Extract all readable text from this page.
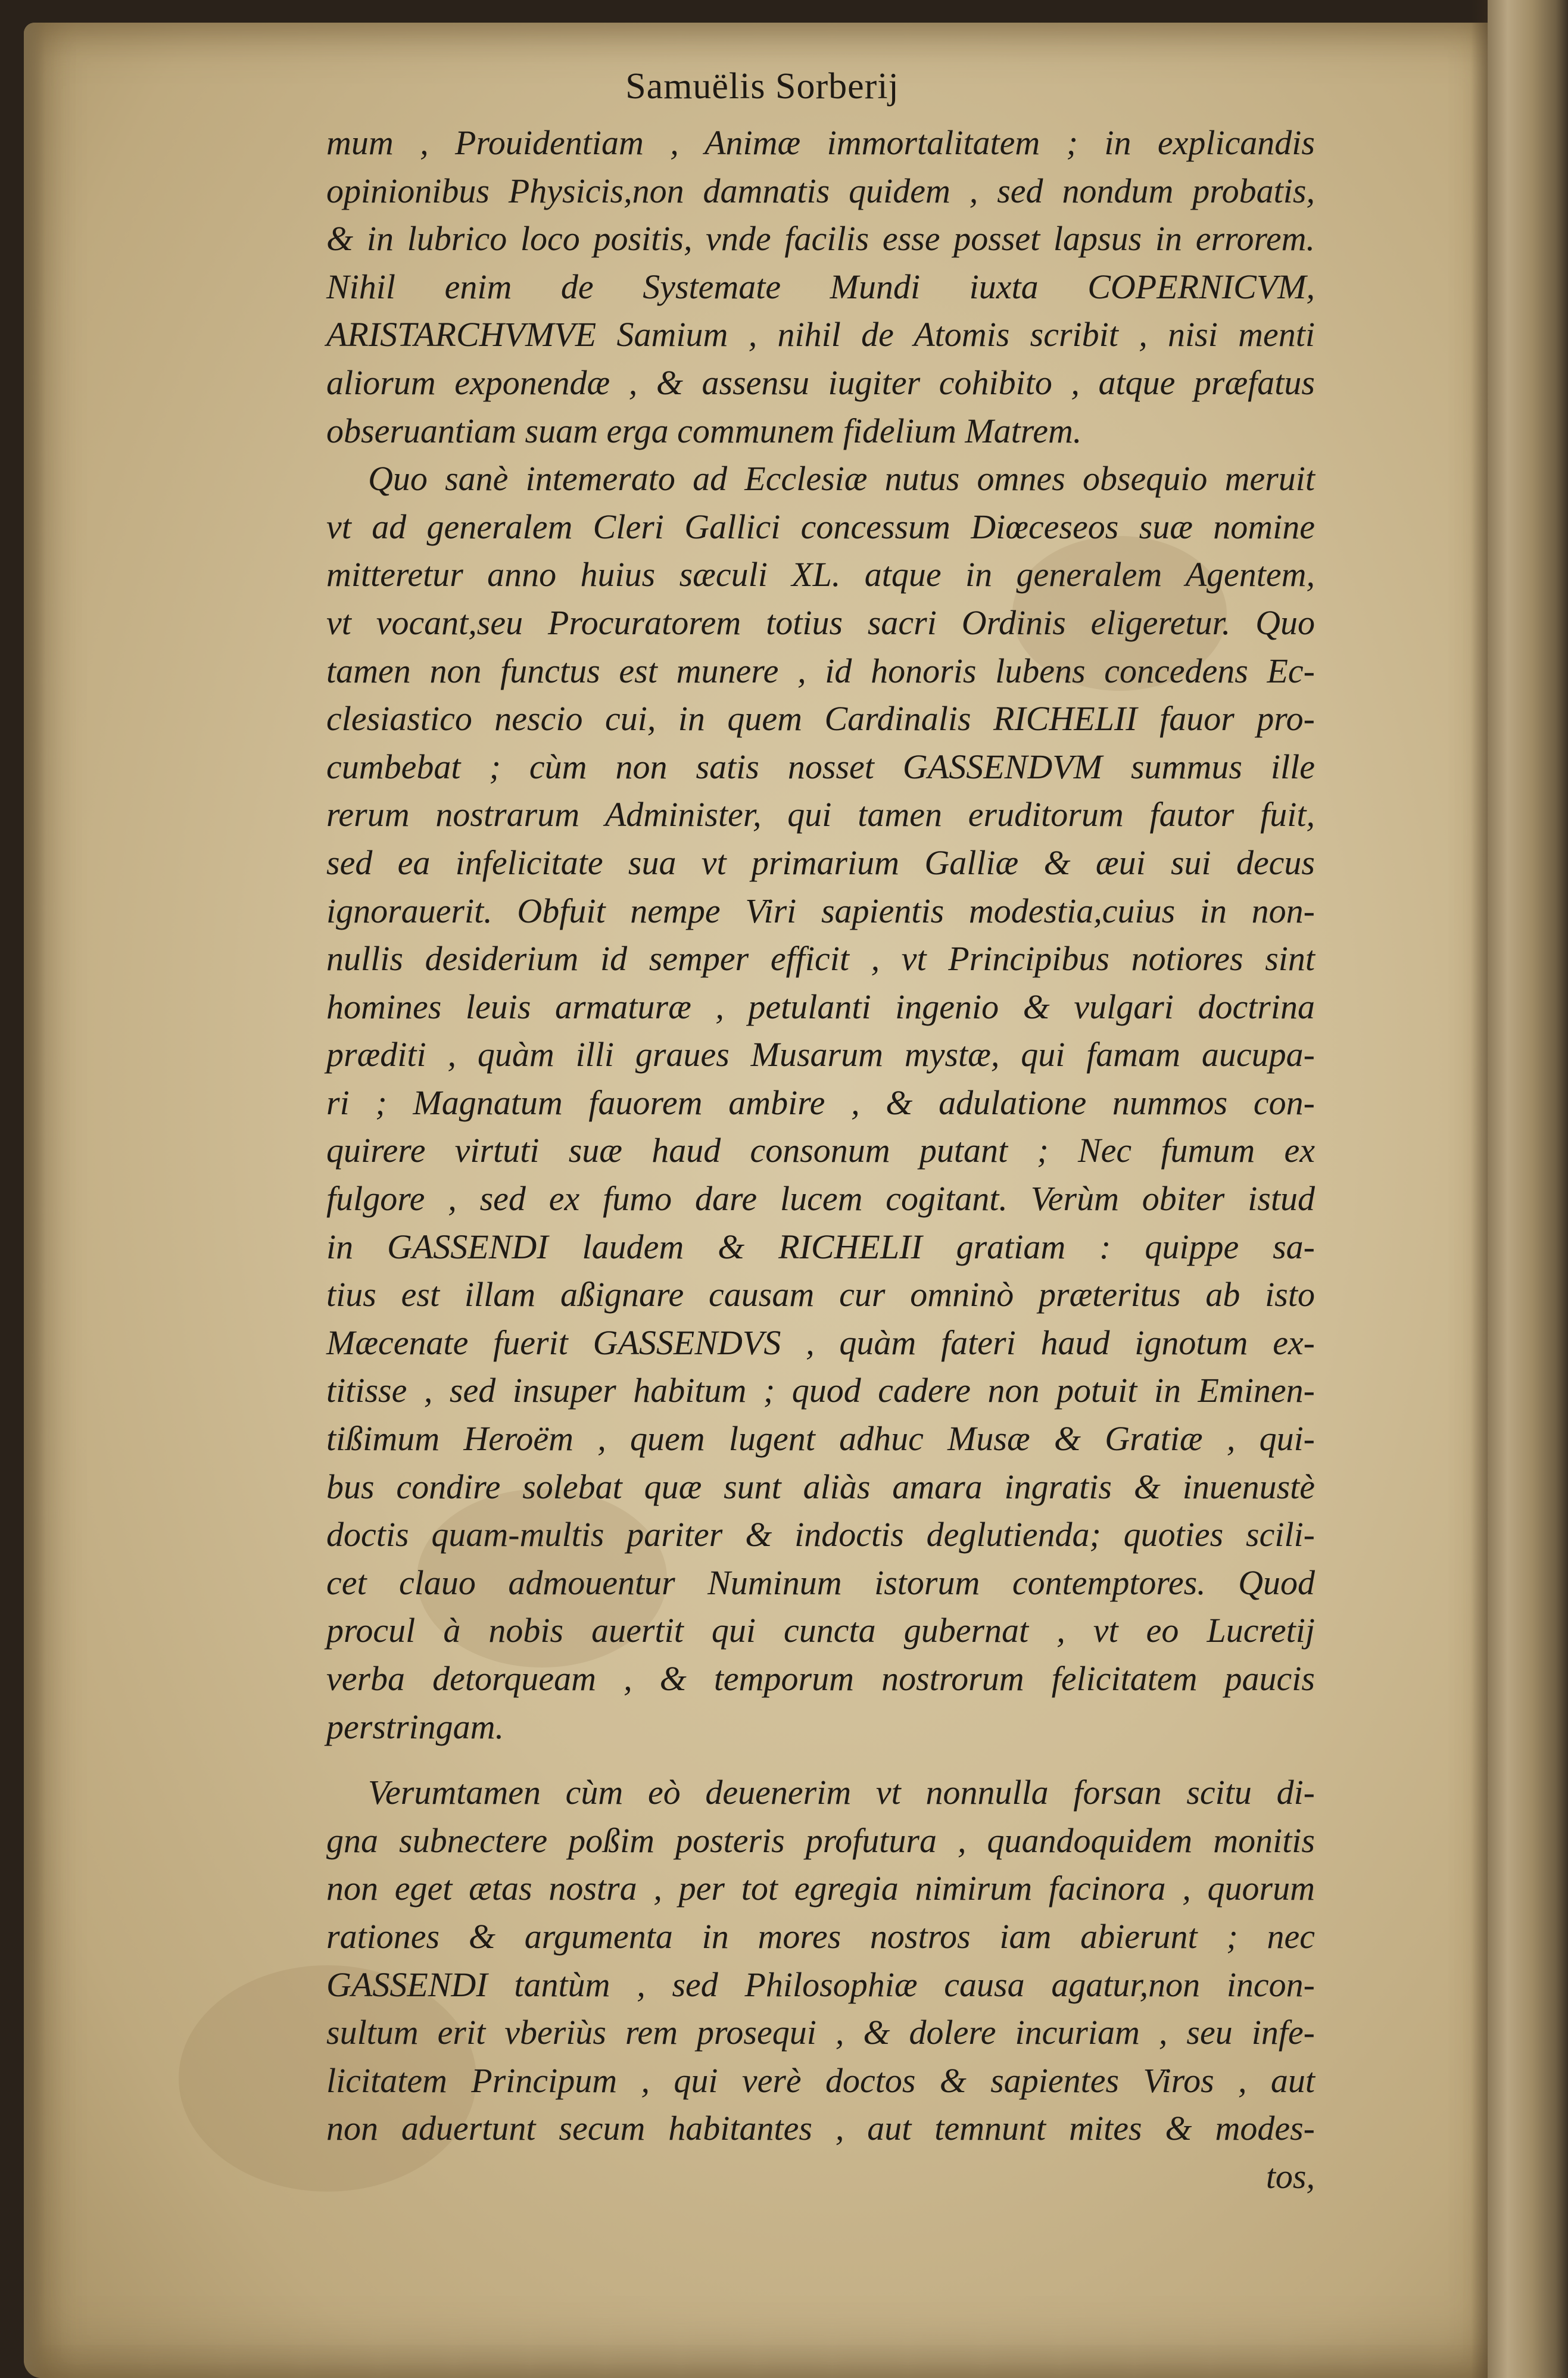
Samuëlis Sorberij
mum , Prouidentiam , Animæ immortalitatem ; in explicandis
opinionibus Physicis,non damnatis quidem , sed nondum probatis,
& in lubrico loco positis, vnde facilis esse posset lapsus in errorem.
Nihil enim de Systemate Mundi iuxta COPERNICVM,
ARISTARCHVMVE Samium , nihil de Atomis scribit , nisi menti
aliorum exponendæ , & assensu iugiter cohibito , atque præfatus
obseruantiam suam erga communem fidelium Matrem.
Quo sanè intemerato ad Ecclesiæ nutus omnes obsequio meruit
vt ad generalem Cleri Gallici concessum Diœceseos suæ nomine
mitteretur anno huius sæculi XL. atque in generalem Agentem,
vt vocant,seu Procuratorem totius sacri Ordinis eligeretur. Quo
tamen non functus est munere , id honoris lubens concedens Ec-
clesiastico nescio cui, in quem Cardinalis RICHELII fauor pro-
cumbebat ; cùm non satis nosset GASSENDVM summus ille
rerum nostrarum Administer, qui tamen eruditorum fautor fuit,
sed ea infelicitate sua vt primarium Galliæ & æui sui decus
ignorauerit. Obfuit nempe Viri sapientis modestia,cuius in non-
nullis desiderium id semper efficit , vt Principibus notiores sint
homines leuis armaturæ , petulanti ingenio & vulgari doctrina
præditi , quàm illi graues Musarum mystæ, qui famam aucupa-
ri ; Magnatum fauorem ambire , & adulatione nummos con-
quirere virtuti suæ haud consonum putant ; Nec fumum ex
fulgore , sed ex fumo dare lucem cogitant. Verùm obiter istud
in GASSENDI laudem & RICHELII gratiam : quippe sa-
tius est illam aßignare causam cur omninò præteritus ab isto
Mæcenate fuerit GASSENDVS , quàm fateri haud ignotum ex-
titisse , sed insuper habitum ; quod cadere non potuit in Eminen-
tißimum Heroëm , quem lugent adhuc Musæ & Gratiæ , qui-
bus condire solebat quæ sunt aliàs amara ingratis & inuenustè
doctis quam-multis pariter & indoctis deglutienda; quoties scili-
cet clauo admouentur Numinum istorum contemptores. Quod
procul à nobis auertit qui cuncta gubernat , vt eo Lucretij
verba detorqueam , & temporum nostrorum felicitatem paucis
perstringam.
Verumtamen cùm eò deuenerim vt nonnulla forsan scitu di-
gna subnectere poßim posteris profutura , quandoquidem monitis
non eget ætas nostra , per tot egregia nimirum facinora , quorum
rationes & argumenta in mores nostros iam abierunt ; nec
GASSENDI tantùm , sed Philosophiæ causa agatur,non incon-
sultum erit vberiùs rem prosequi , & dolere incuriam , seu infe-
licitatem Principum , qui verè doctos & sapientes Viros , aut
non aduertunt secum habitantes , aut temnunt mites & modes-
tos,
